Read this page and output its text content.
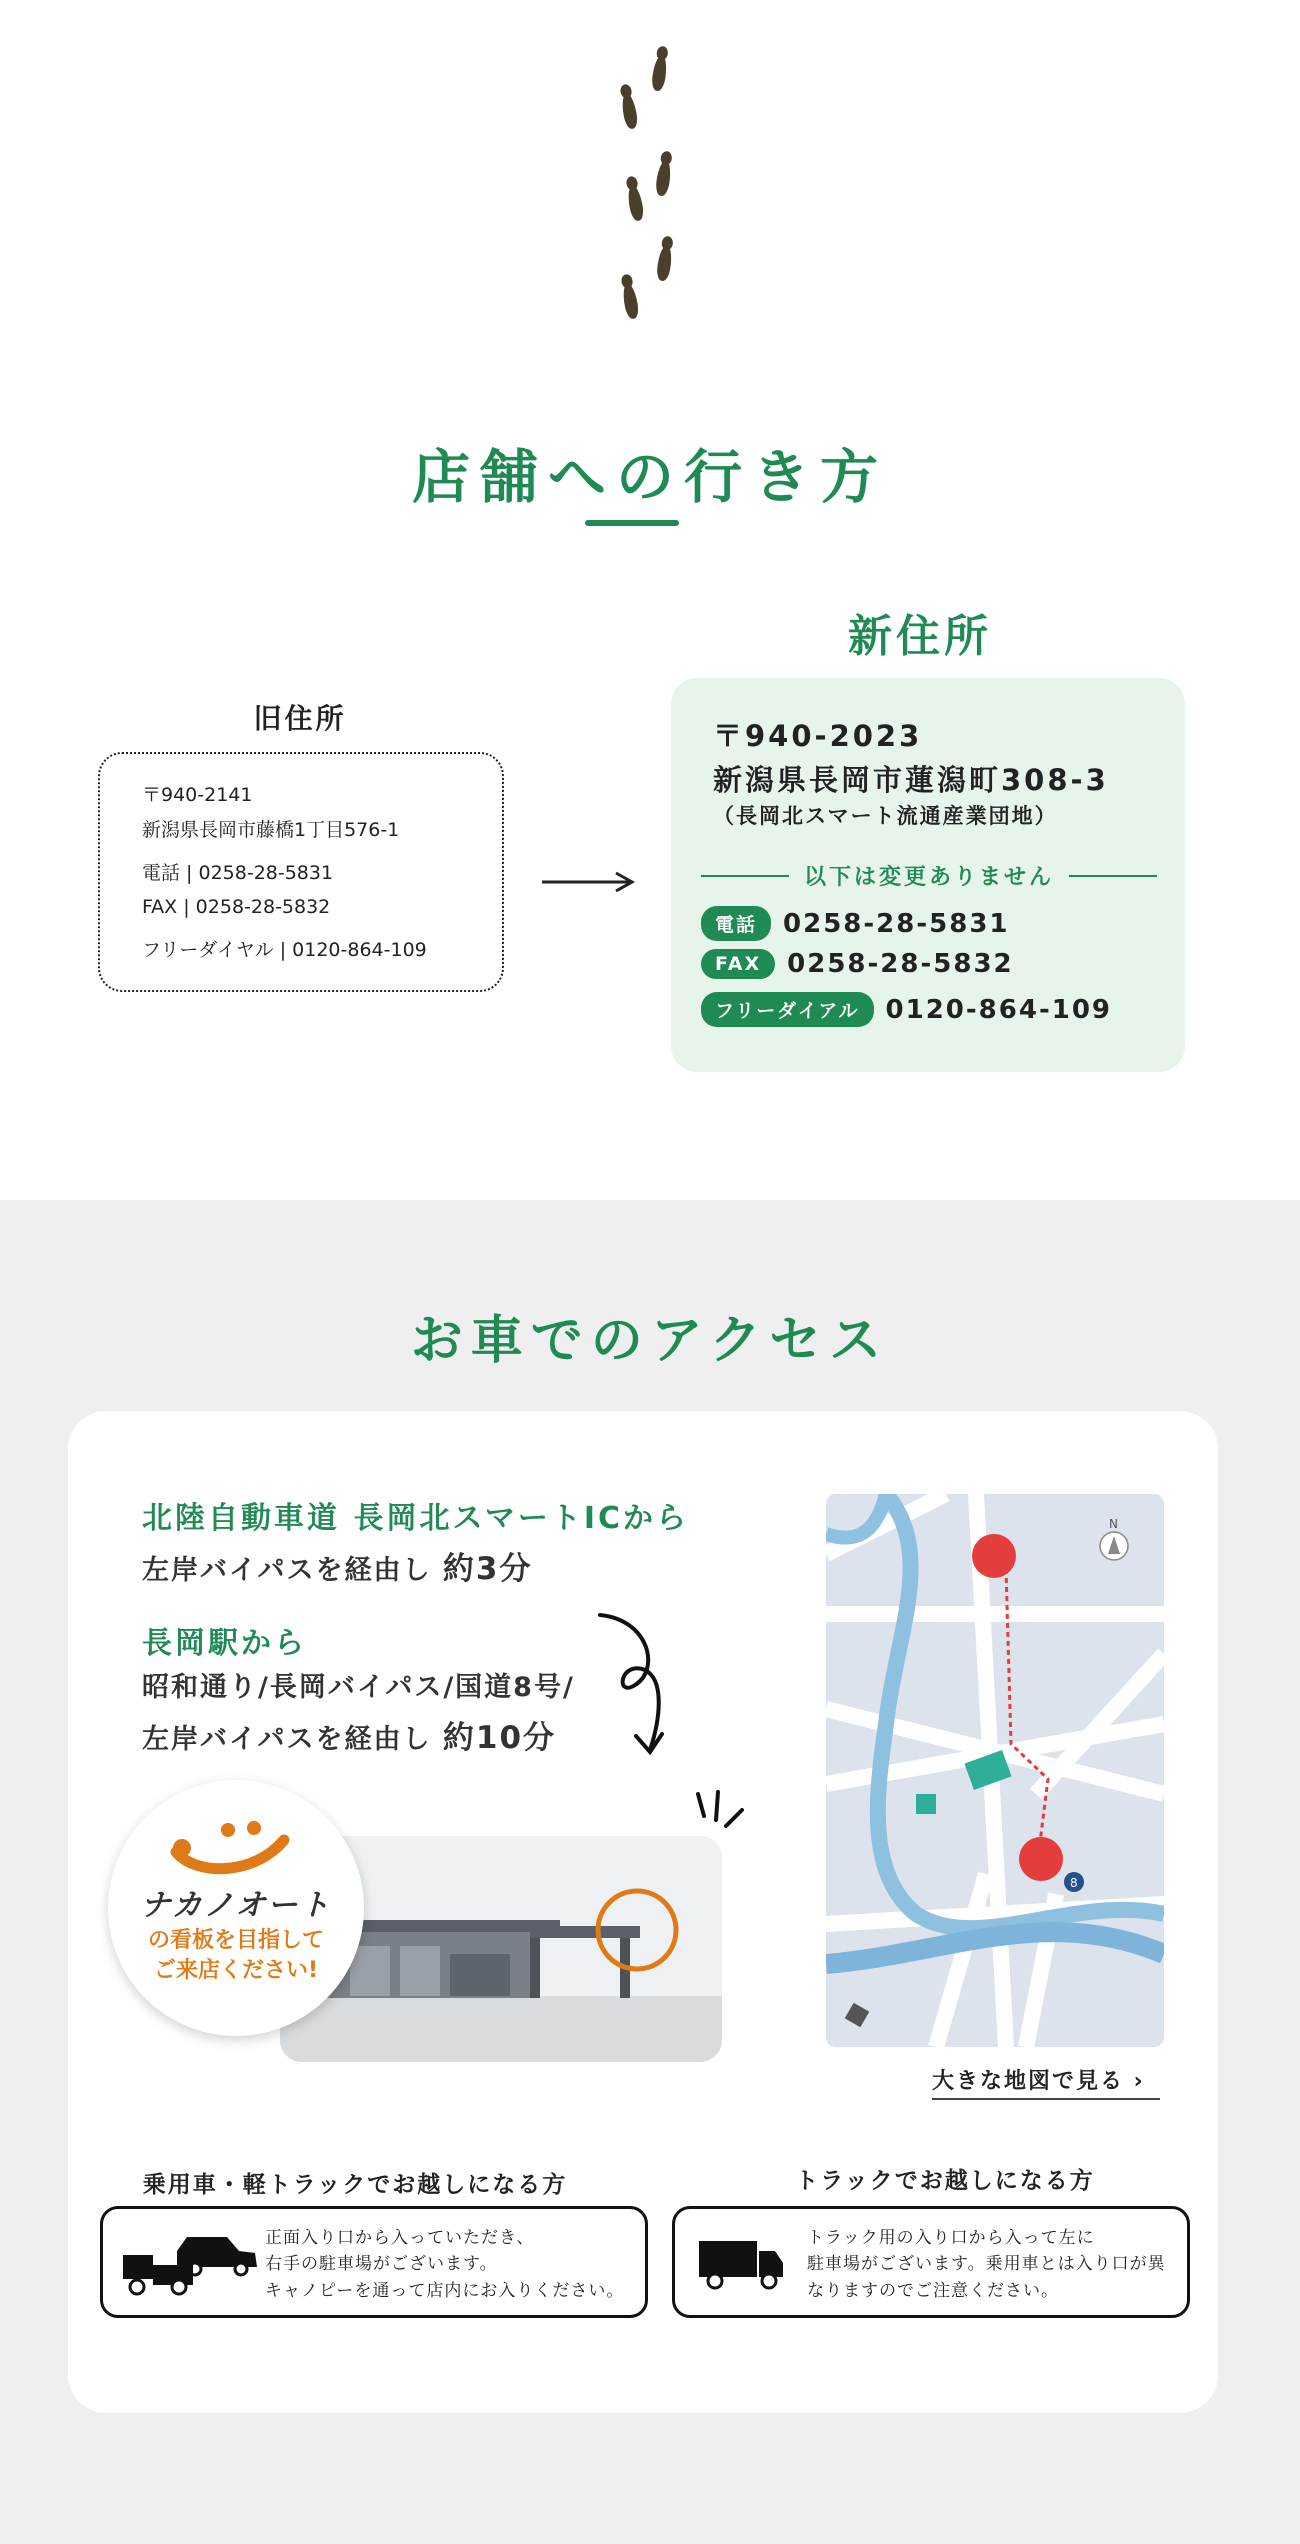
店舗への行き方
旧住所
〒940-2141
新潟県長岡市藤橋1丁目576-1
電話 | 0258-28-5831
FAX | 0258-28-5832
フリーダイヤル | 0120-864-109
新住所
〒940-2023
新潟県長岡市蓮潟町308-3
（長岡北スマート流通産業団地）
以下は変更ありません
電話 0258-28-5831
FAX 0258-28-5832
フリーダイアル 0120-864-109
お車でのアクセス
北陸自動車道 長岡北スマートICから
左岸バイパスを経由し 約3分
長岡駅から
昭和通り/長岡バイパス/国道8号/
左岸バイパスを経由し 約10分
ナカノオート
の看板を目指して
ご来店ください!
8
N
大きな地図で見る ›
乗用車・軽トラックでお越しになる方
正面入り口から入っていただき、
右手の駐車場がございます。
キャノピーを通って店内にお入りください。
トラックでお越しになる方
トラック用の入り口から入って左に
駐車場がございます。乗用車とは入り口が異
なりますのでご注意ください。
